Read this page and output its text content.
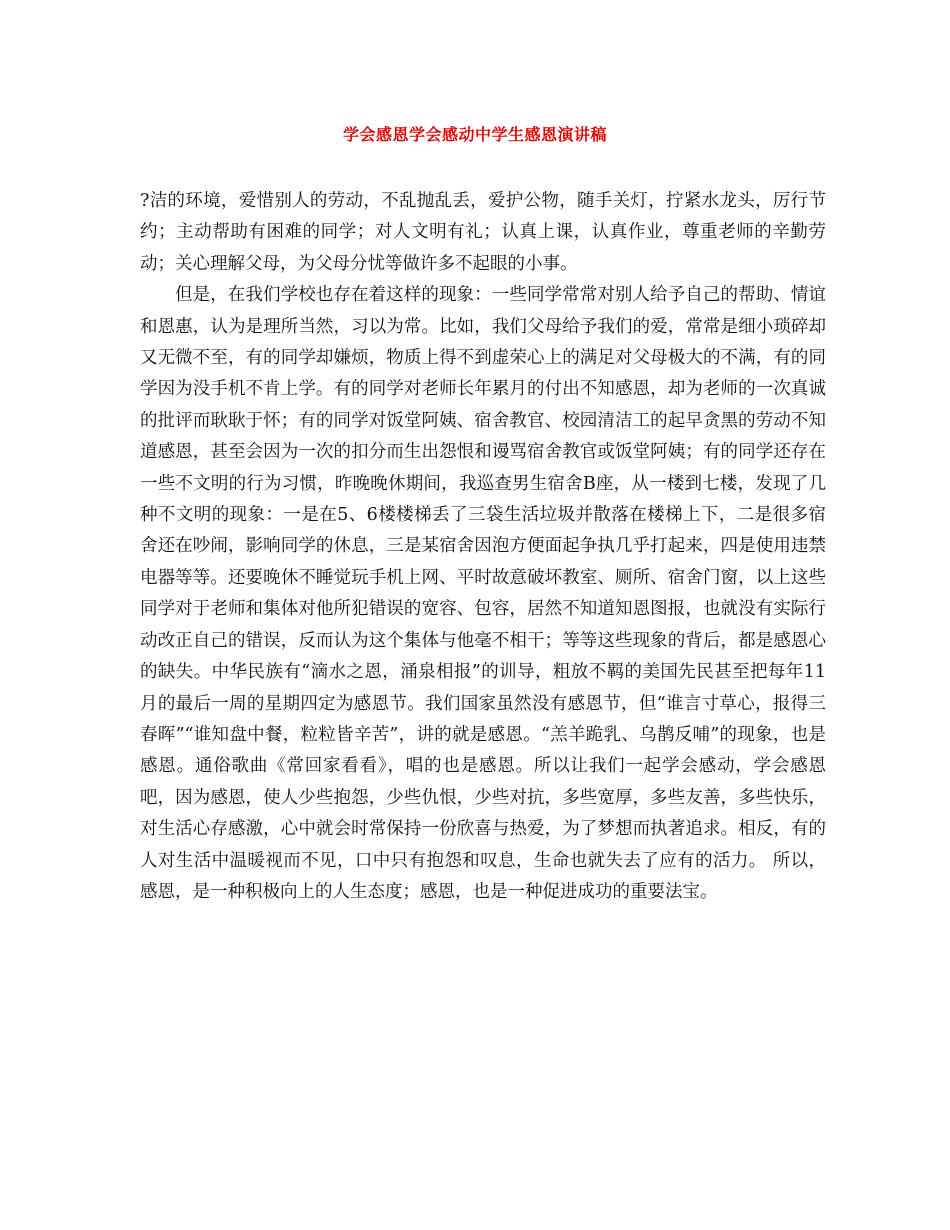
学会感恩学会感动中学生感恩演讲稿

?洁的环境，爱惜别人的劳动，不乱抛乱丢，爱护公物，随手关灯，拧紧水龙头，厉行节约；主动帮助有困难的同学；对人文明有礼；认真上课，认真作业，尊重老师的辛勤劳动；关心理解父母，为父母分忧等做许多不起眼的小事。

但是，在我们学校也存在着这样的现象：一些同学常常对别人给予自己的帮助、情谊和恩惠，认为是理所当然，习以为常。比如，我们父母给予我们的爱，常常是细小琐碎却又无微不至，有的同学却嫌烦，物质上得不到虚荣心上的满足对父母极大的不满，有的同学因为没手机不肯上学。有的同学对老师长年累月的付出不知感恩，却为老师的一次真诚的批评而耿耿于怀；有的同学对饭堂阿姨、宿舍教官、校园清洁工的起早贪黑的劳动不知道感恩，甚至会因为一次的扣分而生出怨恨和谩骂宿舍教官或饭堂阿姨；有的同学还存在一些不文明的行为习惯，昨晚晚休期间，我巡查男生宿舍B座，从一楼到七楼，发现了几种不文明的现象：一是在5、6楼楼梯丢了三袋生活垃圾并散落在楼梯上下，二是很多宿舍还在吵闹，影响同学的休息，三是某宿舍因泡方便面起争执几乎打起来，四是使用违禁电器等等。还要晚休不睡觉玩手机上网、平时故意破坏教室、厕所、宿舍门窗，以上这些同学对于老师和集体对他所犯错误的宽容、包容，居然不知道知恩图报，也就没有实际行动改正自己的错误，反而认为这个集体与他毫不相干；等等这些现象的背后，都是感恩心的缺失。中华民族有“滴水之恩，涌泉相报”的训导，粗放不羁的美国先民甚至把每年11月的最后一周的星期四定为感恩节。我们国家虽然没有感恩节，但“谁言寸草心，报得三春晖”“谁知盘中餐，粒粒皆辛苦”，讲的就是感恩。“羔羊跪乳、乌鹊反哺”的现象，也是感恩。通俗歌曲《常回家看看》，唱的也是感恩。所以让我们一起学会感动，学会感恩吧，因为感恩，使人少些抱怨，少些仇恨，少些对抗，多些宽厚，多些友善，多些快乐，对生活心存感激，心中就会时常保持一份欣喜与热爱，为了梦想而执著追求。相反，有的人对生活中温暖视而不见，口中只有抱怨和叹息，生命也就失去了应有的活力。 所以，感恩，是一种积极向上的人生态度；感恩，也是一种促进成功的重要法宝。
